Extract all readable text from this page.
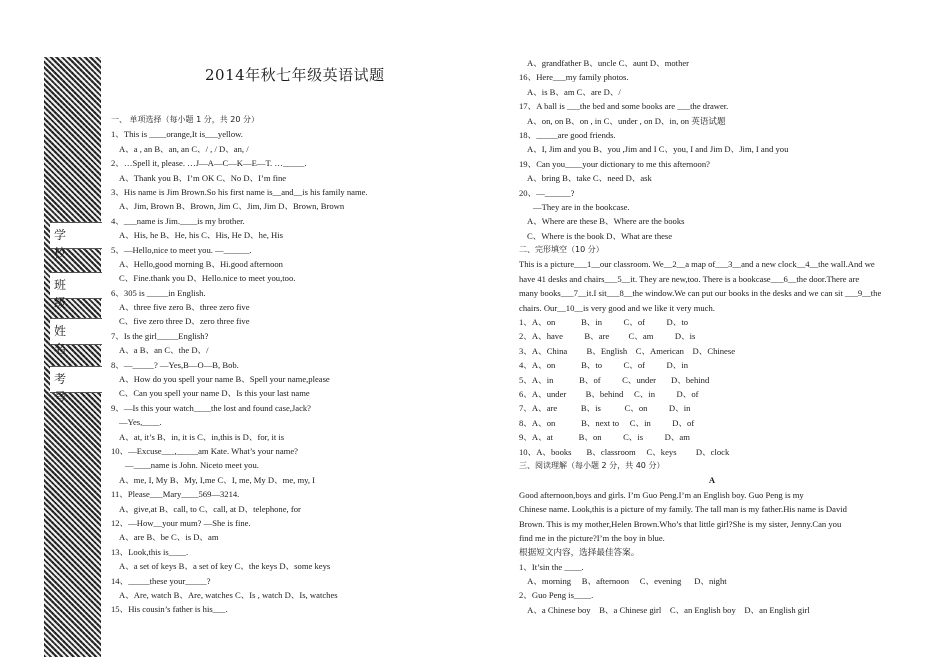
学 校
班 级
姓 名
考 号
2014年秋七年级英语试题
一、 单项选择（每小题 1 分，共 20 分）
1、This is ____orange,It is___yellow.
A、a , an B、an, an C、/ , / D、an, /
2、…Spell it, please. …J—A—C—K—E—T. …_____.
A、Thank you B、I’m OK C、No D、I’m fine
3、His name is Jim Brown.So his first name is__and__is his family name.
A、Jim, Brown B、Brown, Jim C、Jim, Jim D、Brown, Brown
4、___name is Jim.____is my brother.
A、His, he B、He, his C、His, He D、he, His
5、—Hello,nice to meet you. —______.
A、Hello,good morning B、Hi.good afternoon
C、Fine.thank you D、Hello.nice to meet you,too.
6、305 is _____in English.
A、three five zero B、three zero five
C、five zero three D、zero three five
7、Is the girl_____English?
A、a B、an C、the D、/
8、—_____? —Yes,B—O—B, Bob.
A、How do you spell your name B、Spell your name,please
C、Can you spell your name D、Is this your last name
9、—Is this your watch____the lost and found case,Jack?
—Yes,____.
A、at, it’s B、in, it is C、in,this is D、for, it is
10、—Excuse___,_____am Kate. What’s your name?
—____name is John. Niceto meet you.
A、me, I, My B、My, I,me C、I, me, My D、me, my, I
11、Please___Mary____569—3214.
A、give,at B、call, to C、call, at D、telephone, for
12、—How__your mum? —She is fine.
A、are B、be C、is D、am
13、Look,this is____.
A、a set of keys B、a set of key C、the keys D、some keys
14、_____these your_____?
A、Are, watch B、Are, watches C、Is , watch D、Is, watches
15、His cousin’s father is his___.
A、grandfather B、uncle C、aunt D、mother
16、Here___my family photos.
A、is B、am C、are D、/
17、A ball is ___the bed and some books are ___the drawer.
A、on, on B、on , in C、under , on D、in, on 英语试题
18、_____are good friends.
A、I, Jim and you B、you ,Jim and I C、you, I and Jim D、Jim, I and you
19、Can you____your dictionary to me this afternoon?
A、bring B、take C、need D、ask
20、—______?
—They are in the bookcase.
A、Where are these B、Where are the books
C、Where is the book D、What are these
二、完形填空（10 分）
This is a picture___1__our classroom. We__2__a map of___3__and a new clock__4__the wall.And we
have 41 desks and chairs___5__it. They are new,too. There is a bookcase___6__the door.There are
many books___7__it.I sit___8__the window.We can put our books in the desks and we can sit ___9__the
chairs. Our__10__is very good and we like it very much.
1、A、on            B、in          C、of          D、to
2、A、have          B、are         C、am          D、is
3、A、China         B、English    C、American    D、Chinese
4、A、on            B、to          C、of          D、in
5、A、in            B、of          C、under       D、behind
6、A、under         B、behind     C、in          D、of
7、A、are           B、is           C、on          D、in
8、A、on            B、next to     C、in          D、of
9、A、at            B、on          C、is          D、am
10、A、books       B、classroom     C、keys         D、clock
三、阅读理解（每小题 2 分，共 40 分）
A
Good afternoon,boys and girls. I’m Guo Peng.I’m an English boy. Guo Peng is my
Chinese name. Look,this is a picture of my family. The tall man is my father.His name is David
Brown. This is my mother,Helen Brown.Who’s that little girl?She is my sister, Jenny.Can you
find me in the picture?I’m the boy in blue.
根据短文内容，选择最佳答案。
1、It’sin the ____.
A、morning     B、afternoon     C、evening      D、night
2、Guo Peng is____.
A、a Chinese boy    B、a Chinese girl    C、an English boy    D、an English girl
